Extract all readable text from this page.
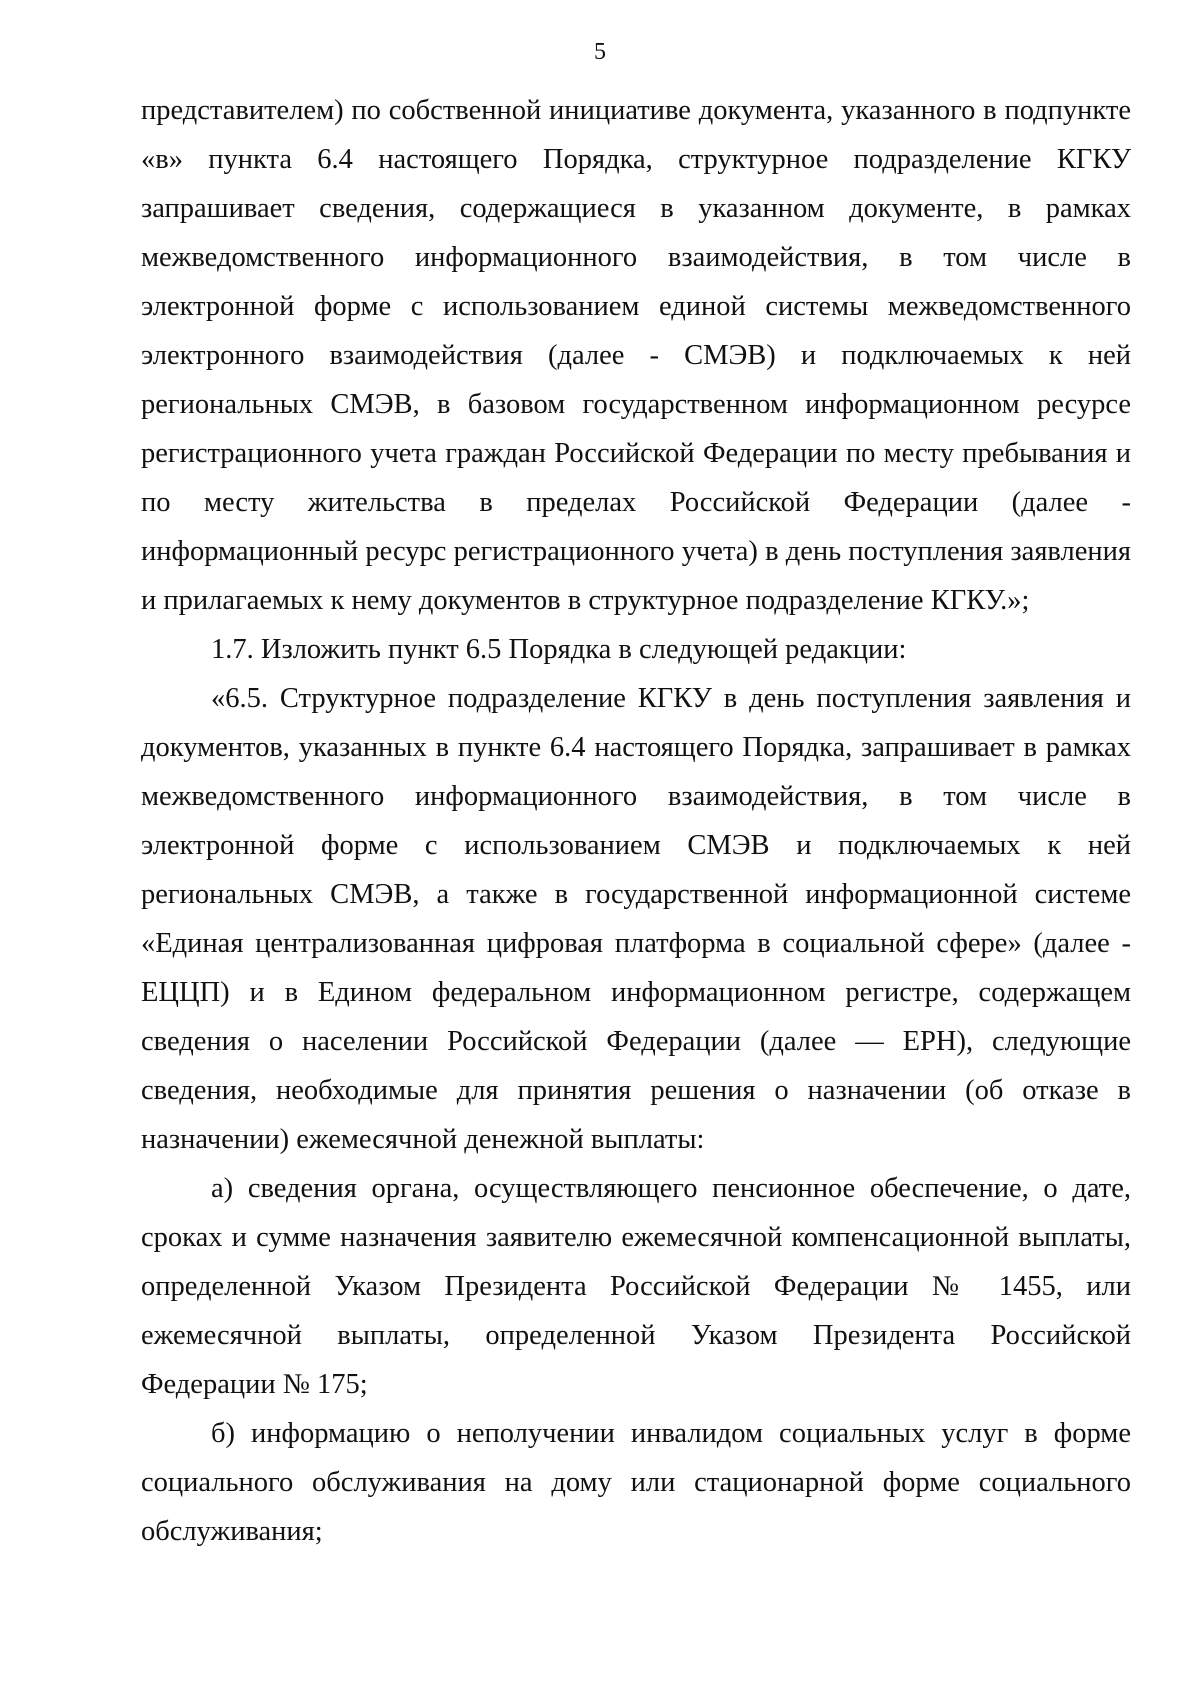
5

представителем) по собственной инициативе документа, указанного в подпункте «в» пункта 6.4 настоящего Порядка, структурное подразделение КГКУ запрашивает сведения, содержащиеся в указанном документе, в рамках межведомственного информационного взаимодействия, в том числе в электронной форме с использованием единой системы межведомственного электронного взаимодействия (далее - СМЭВ) и подключаемых к ней региональных СМЭВ, в базовом государственном информационном ресурсе регистрационного учета граждан Российской Федерации по месту пребывания и по месту жительства в пределах Российской Федерации (далее - информационный ресурс регистрационного учета) в день поступления заявления и прилагаемых к нему документов в структурное подразделение КГКУ.»;

1.7. Изложить пункт 6.5 Порядка в следующей редакции:

«6.5. Структурное подразделение КГКУ в день поступления заявления и документов, указанных в пункте 6.4 настоящего Порядка, запрашивает в рамках межведомственного информационного взаимодействия, в том числе в электронной форме с использованием СМЭВ и подключаемых к ней региональных СМЭВ, а также в государственной информационной системе «Единая централизованная цифровая платформа в социальной сфере» (далее - ЕЦЦП) и в Едином федеральном информационном регистре, содержащем сведения о населении Российской Федерации (далее — ЕРН), следующие сведения, необходимые для принятия решения о назначении (об отказе в назначении) ежемесячной денежной выплаты:

а) сведения органа, осуществляющего пенсионное обеспечение, о дате, сроках и сумме назначения заявителю ежемесячной компенсационной выплаты, определенной Указом Президента Российской Федерации № 1455, или ежемесячной выплаты, определенной Указом Президента Российской Федерации № 175;

б) информацию о неполучении инвалидом социальных услуг в форме социального обслуживания на дому или стационарной форме социального обслуживания;
